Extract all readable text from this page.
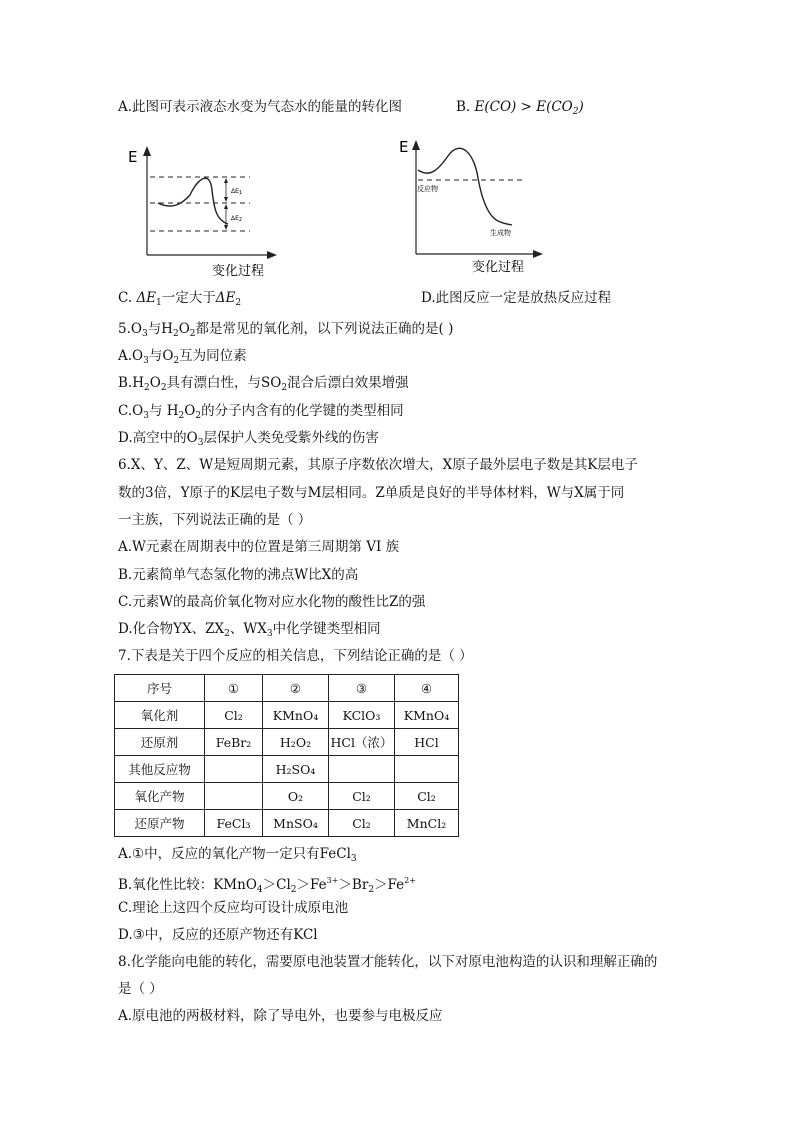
A.此图可表示液态水变为气态水的能量的转化图	B. $E(CO) > E(CO_2)$
E
ΔE1
ΔE2
变化过程
E
反应物
生成物
变化过程
C. $\Delta E_1$一定大于$\Delta E_2$	D.此图反应一定是放热反应过程
$5.O_3$与$H_2O_2$都是常见的氧化剂，以下列说法正确的是( )
$A.O_3$与$O_2$互为同位素
$B.H_2O_2$具有漂白性，与$SO_2$混合后漂白效果增强
$C.O_3$与 $H_2O_2$的分子内含有的化学键的类型相同
D.高空中的$O_3$层保护人类免受紫外线的伤害
6.X、Y、Z、W是短周期元素，其原子序数依次增大，X原子最外层电子数是其K层电子
数的3倍，Y原子的K层电子数与M层相同。Z单质是良好的半导体材料，W与X属于同
一主族，下列说法正确的是（ ）
A.W元素在周期表中的位置是第三周期第 VI 族
B.元素简单气态氢化物的沸点W比X的高
C.元素W的最高价氧化物对应水化物的酸性比Z的强
D.化合物YX、$ZX_2$、$WX_3$中化学键类型相同
7.下表是关于四个反应的相关信息，下列结论正确的是（ ）
序号	①	②	③	④
氧化剂	Cl₂	KMnO₄	KClO₃	KMnO₄
还原剂	FeBr₂	H₂O₂	HCl（浓）	HCl
其他反应物		H₂SO₄		
氧化产物		O₂	Cl₂	Cl₂
还原产物	FeCl₃	MnSO₄	Cl₂	MnCl₂
A.①中，反应的氧化产物一定只有FeCl$_3$
B.氧化性比较：$KMnO_4>Cl_2>Fe^{3+}>Br_2>Fe^{2+}$
C.理论上这四个反应均可设计成原电池
D.③中，反应的还原产物还有KCl
8.化学能向电能的转化，需要原电池装置才能转化，以下对原电池构造的认识和理解正确的
是（ ）
A.原电池的两极材料，除了导电外，也要参与电极反应
